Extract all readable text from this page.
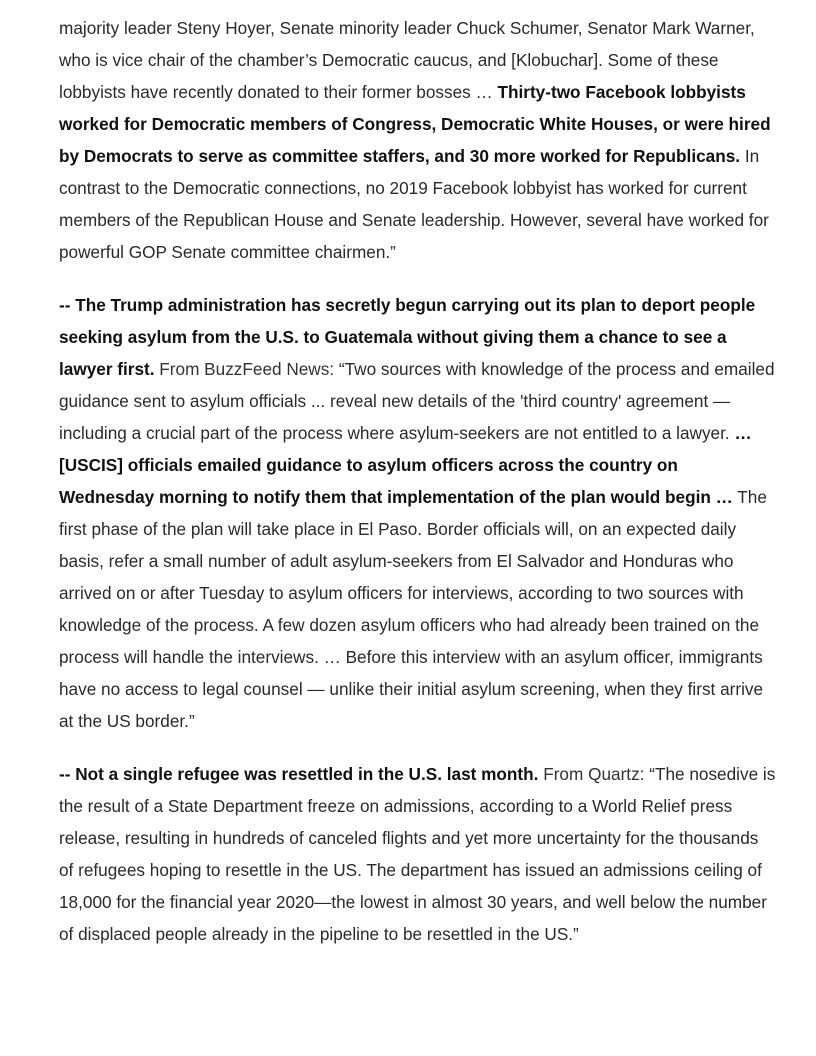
majority leader Steny Hoyer, Senate minority leader Chuck Schumer, Senator Mark Warner, who is vice chair of the chamber’s Democratic caucus, and [Klobuchar]. Some of these lobbyists have recently donated to their former bosses … Thirty-two Facebook lobbyists worked for Democratic members of Congress, Democratic White Houses, or were hired by Democrats to serve as committee staffers, and 30 more worked for Republicans. In contrast to the Democratic connections, no 2019 Facebook lobbyist has worked for current members of the Republican House and Senate leadership. However, several have worked for powerful GOP Senate committee chairmen.”

-- The Trump administration has secretly begun carrying out its plan to deport people seeking asylum from the U.S. to Guatemala without giving them a chance to see a lawyer first. From BuzzFeed News: “Two sources with knowledge of the process and emailed guidance sent to asylum officials ... reveal new details of the 'third country' agreement — including a crucial part of the process where asylum-seekers are not entitled to a lawyer. … [USCIS] officials emailed guidance to asylum officers across the country on Wednesday morning to notify them that implementation of the plan would begin … The first phase of the plan will take place in El Paso. Border officials will, on an expected daily basis, refer a small number of adult asylum-seekers from El Salvador and Honduras who arrived on or after Tuesday to asylum officers for interviews, according to two sources with knowledge of the process. A few dozen asylum officers who had already been trained on the process will handle the interviews. … Before this interview with an asylum officer, immigrants have no access to legal counsel — unlike their initial asylum screening, when they first arrive at the US border.”

-- Not a single refugee was resettled in the U.S. last month. From Quartz: “The nosedive is the result of a State Department freeze on admissions, according to a World Relief press release, resulting in hundreds of canceled flights and yet more uncertainty for the thousands of refugees hoping to resettle in the US. The department has issued an admissions ceiling of 18,000 for the financial year 2020—the lowest in almost 30 years, and well below the number of displaced people already in the pipeline to be resettled in the US.”
